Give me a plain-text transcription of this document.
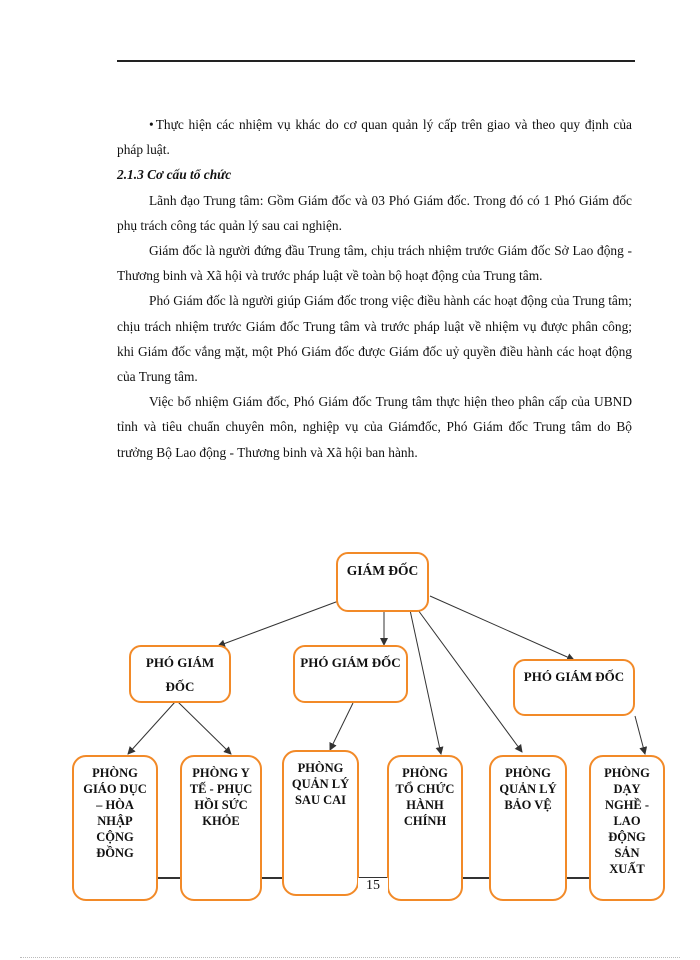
• Thực hiện các nhiệm vụ khác do cơ quan quản lý cấp trên giao và theo quy định của pháp luật.

2.1.3 Cơ cấu tổ chức

Lãnh đạo Trung tâm: Gồm Giám đốc và 03 Phó Giám đốc. Trong đó có 1 Phó Giám đốc phụ trách công tác quản lý sau cai nghiện.

Giám đốc là người đứng đầu Trung tâm, chịu trách nhiệm trước Giám đốc Sở Lao động - Thương binh và Xã hội và trước pháp luật về toàn bộ hoạt động của Trung tâm.

Phó Giám đốc là người giúp Giám đốc trong việc điều hành các hoạt động của Trung tâm; chịu trách nhiệm trước Giám đốc Trung tâm và trước pháp luật về nhiệm vụ được phân công; khi Giám đốc vắng mặt, một Phó Giám đốc được Giám đốc uỷ quyền điều hành các hoạt động của Trung tâm.

Việc bổ nhiệm Giám đốc, Phó Giám đốc Trung tâm thực hiện theo phân cấp của UBND tỉnh và tiêu chuẩn chuyên môn, nghiệp vụ của Giámđốc, Phó Giám đốc Trung tâm do Bộ trưởng Bộ Lao động - Thương binh và Xã hội ban hành.

GIÁM ĐỐC
PHÓ GIÁM ĐỐC
PHÓ GIÁM ĐỐC
PHÓ GIÁM ĐỐC
PHÒNG GIÁO DỤC – HÒA NHẬP CỘNG ĐỒNG
PHÒNG Y TẾ - PHỤC HỒI SỨC KHỎE
PHÒNG QUẢN LÝ SAU CAI
PHÒNG TỔ CHỨC HÀNH CHÍNH
PHÒNG QUẢN LÝ BẢO VỆ
PHÒNG DẠY NGHỀ - LAO ĐỘNG SẢN XUẤT
15
